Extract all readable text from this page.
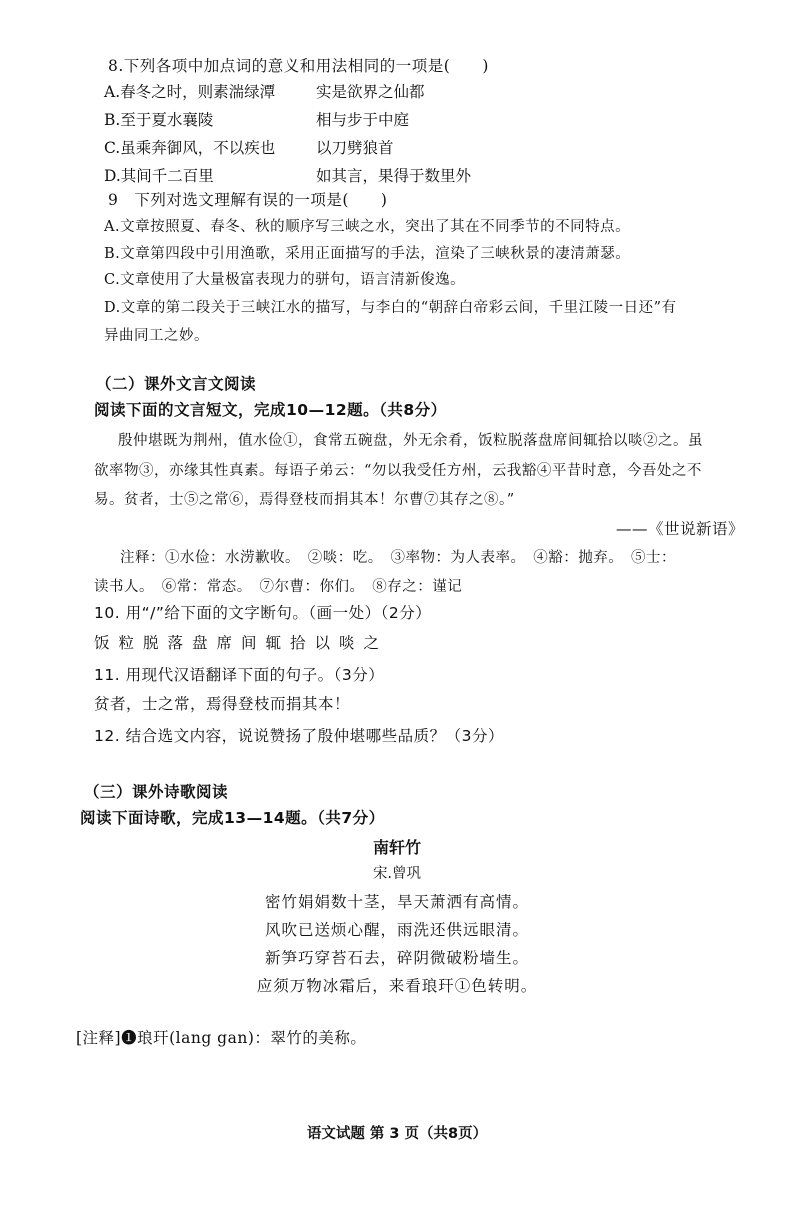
8.下列各项中加点词的意义和用法相同的一项是(　　)
A.春冬之时，则素湍绿潭	实是欲界之仙都
B.至于夏水襄陵	相与步于中庭
C.虽乘奔御风，不以疾也	以刀劈狼首
D.其间千二百里	如其言，果得于数里外
9　下列对选文理解有误的一项是(　　)
A.文章按照夏、春冬、秋的顺序写三峡之水，突出了其在不同季节的不同特点。
B.文章第四段中引用渔歌，采用正面描写的手法，渲染了三峡秋景的凄清萧瑟。
C.文章使用了大量极富表现力的骈句，语言清新俊逸。
D.文章的第二段关于三峡江水的描写，与李白的“朝辞白帝彩云间，千里江陵一日还”有
异曲同工之妙。
（二）课外文言文阅读
阅读下面的文言短文，完成10—12题。（共8分）
殷仲堪既为荆州，值水俭①，食常五碗盘，外无余肴，饭粒脱落盘席间辄拾以啖②之。虽
欲率物③，亦缘其性真素。每语子弟云：“勿以我受任方州，云我豁④平昔时意，今吾处之不
易。贫者，士⑤之常⑥，焉得登枝而捐其本！尔曹⑦其存之⑧。”
——《世说新语》
注释：①水俭：水涝歉收。　②啖：吃。　③率物：为人表率。　④豁：抛弃。　⑤士：
读书人。　⑥常：常态。　⑦尔曹：你们。　⑧存之：谨记
10. 用“/”给下面的文字断句。（画一处）（2分）
饭粒脱落盘席间辄拾以啖之
11. 用现代汉语翻译下面的句子。（3分）
贫者，士之常，焉得登枝而捐其本！
12. 结合选文内容，说说赞扬了殷仲堪哪些品质？（3分）
（三）课外诗歌阅读
阅读下面诗歌，完成13—14题。（共7分）
南轩竹
宋.曾巩
密竹娟娟数十茎，旱天萧洒有高情。
风吹已送烦心醒，雨洗还供远眼清。
新笋巧穿苔石去，碎阴微破粉墙生。
应须万物冰霜后，来看琅玕①色转明。
[注释]❶琅玕(lang gan)：翠竹的美称。
语文试题 第 3 页（共8页）
